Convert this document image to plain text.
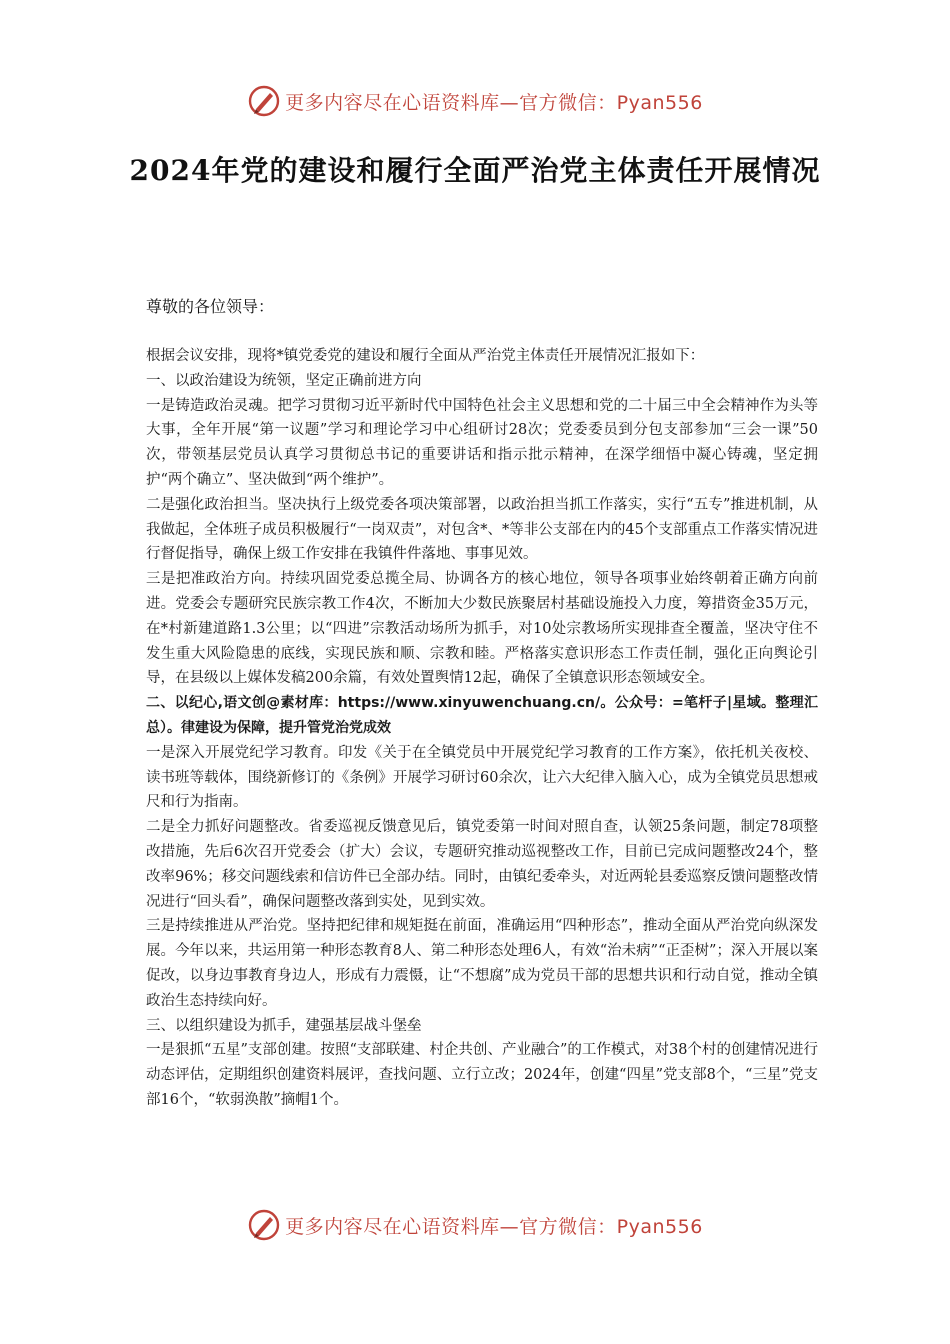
更多内容尽在心语资料库—官方微信：Pyan556
2024年党的建设和履行全面严治党主体责任开展情况
尊敬的各位领导：

根据会议安排，现将*镇党委党的建设和履行全面从严治党主体责任开展情况汇报如下：

一、以政治建设为统领，坚定正确前进方向

一是铸造政治灵魂。把学习贯彻习近平新时代中国特色社会主义思想和党的二十届三中全会精神作为头等大事，全年开展“第一议题”学习和理论学习中心组研讨28次；党委委员到分包支部参加“三会一课”50次，带领基层党员认真学习贯彻总书记的重要讲话和指示批示精神，在深学细悟中凝心铸魂，坚定拥护“两个确立”、坚决做到“两个维护”。

二是强化政治担当。坚决执行上级党委各项决策部署，以政治担当抓工作落实，实行“五专”推进机制，从我做起，全体班子成员积极履行“一岗双责”，对包含*、*等非公支部在内的45个支部重点工作落实情况进行督促指导，确保上级工作安排在我镇件件落地、事事见效。

三是把准政治方向。持续巩固党委总揽全局、协调各方的核心地位，领导各项事业始终朝着正确方向前进。党委会专题研究民族宗教工作4次，不断加大少数民族聚居村基础设施投入力度，筹措资金35万元，在*村新建道路1.3公里；以“四进”宗教活动场所为抓手，对10处宗教场所实现排查全覆盖，坚决守住不发生重大风险隐患的底线，实现民族和顺、宗教和睦。严格落实意识形态工作责任制，强化正向舆论引导，在县级以上媒体发稿200余篇，有效处置舆情12起，确保了全镇意识形态领域安全。

二、以纪心,语文创@素材库：https://www.xinyuwenchuang.cn/。公众号：=笔杆子|星域。整理汇总）。律建设为保障，提升管党治党成效

一是深入开展党纪学习教育。印发《关于在全镇党员中开展党纪学习教育的工作方案》，依托机关夜校、读书班等载体，围绕新修订的《条例》开展学习研讨60余次，让六大纪律入脑入心，成为全镇党员思想戒尺和行为指南。

二是全力抓好问题整改。省委巡视反馈意见后，镇党委第一时间对照自查，认领25条问题，制定78项整改措施，先后6次召开党委会（扩大）会议，专题研究推动巡视整改工作，目前已完成问题整改24个，整改率96%；移交问题线索和信访件已全部办结。同时，由镇纪委牵头，对近两轮县委巡察反馈问题整改情况进行“回头看”，确保问题整改落到实处，见到实效。

三是持续推进从严治党。坚持把纪律和规矩挺在前面，准确运用“四种形态”，推动全面从严治党向纵深发展。今年以来，共运用第一种形态教育8人、第二种形态处理6人，有效“治未病”“正歪树”；深入开展以案促改，以身边事教育身边人，形成有力震慑，让“不想腐”成为党员干部的思想共识和行动自觉，推动全镇政治生态持续向好。

三、以组织建设为抓手，建强基层战斗堡垒

一是狠抓“五星”支部创建。按照“支部联建、村企共创、产业融合”的工作模式，对38个村的创建情况进行动态评估，定期组织创建资料展评，查找问题、立行立改；2024年，创建“四星”党支部8个，“三星”党支部16个，“软弱涣散”摘帽1个。

更多内容尽在心语资料库—官方微信：Pyan556
